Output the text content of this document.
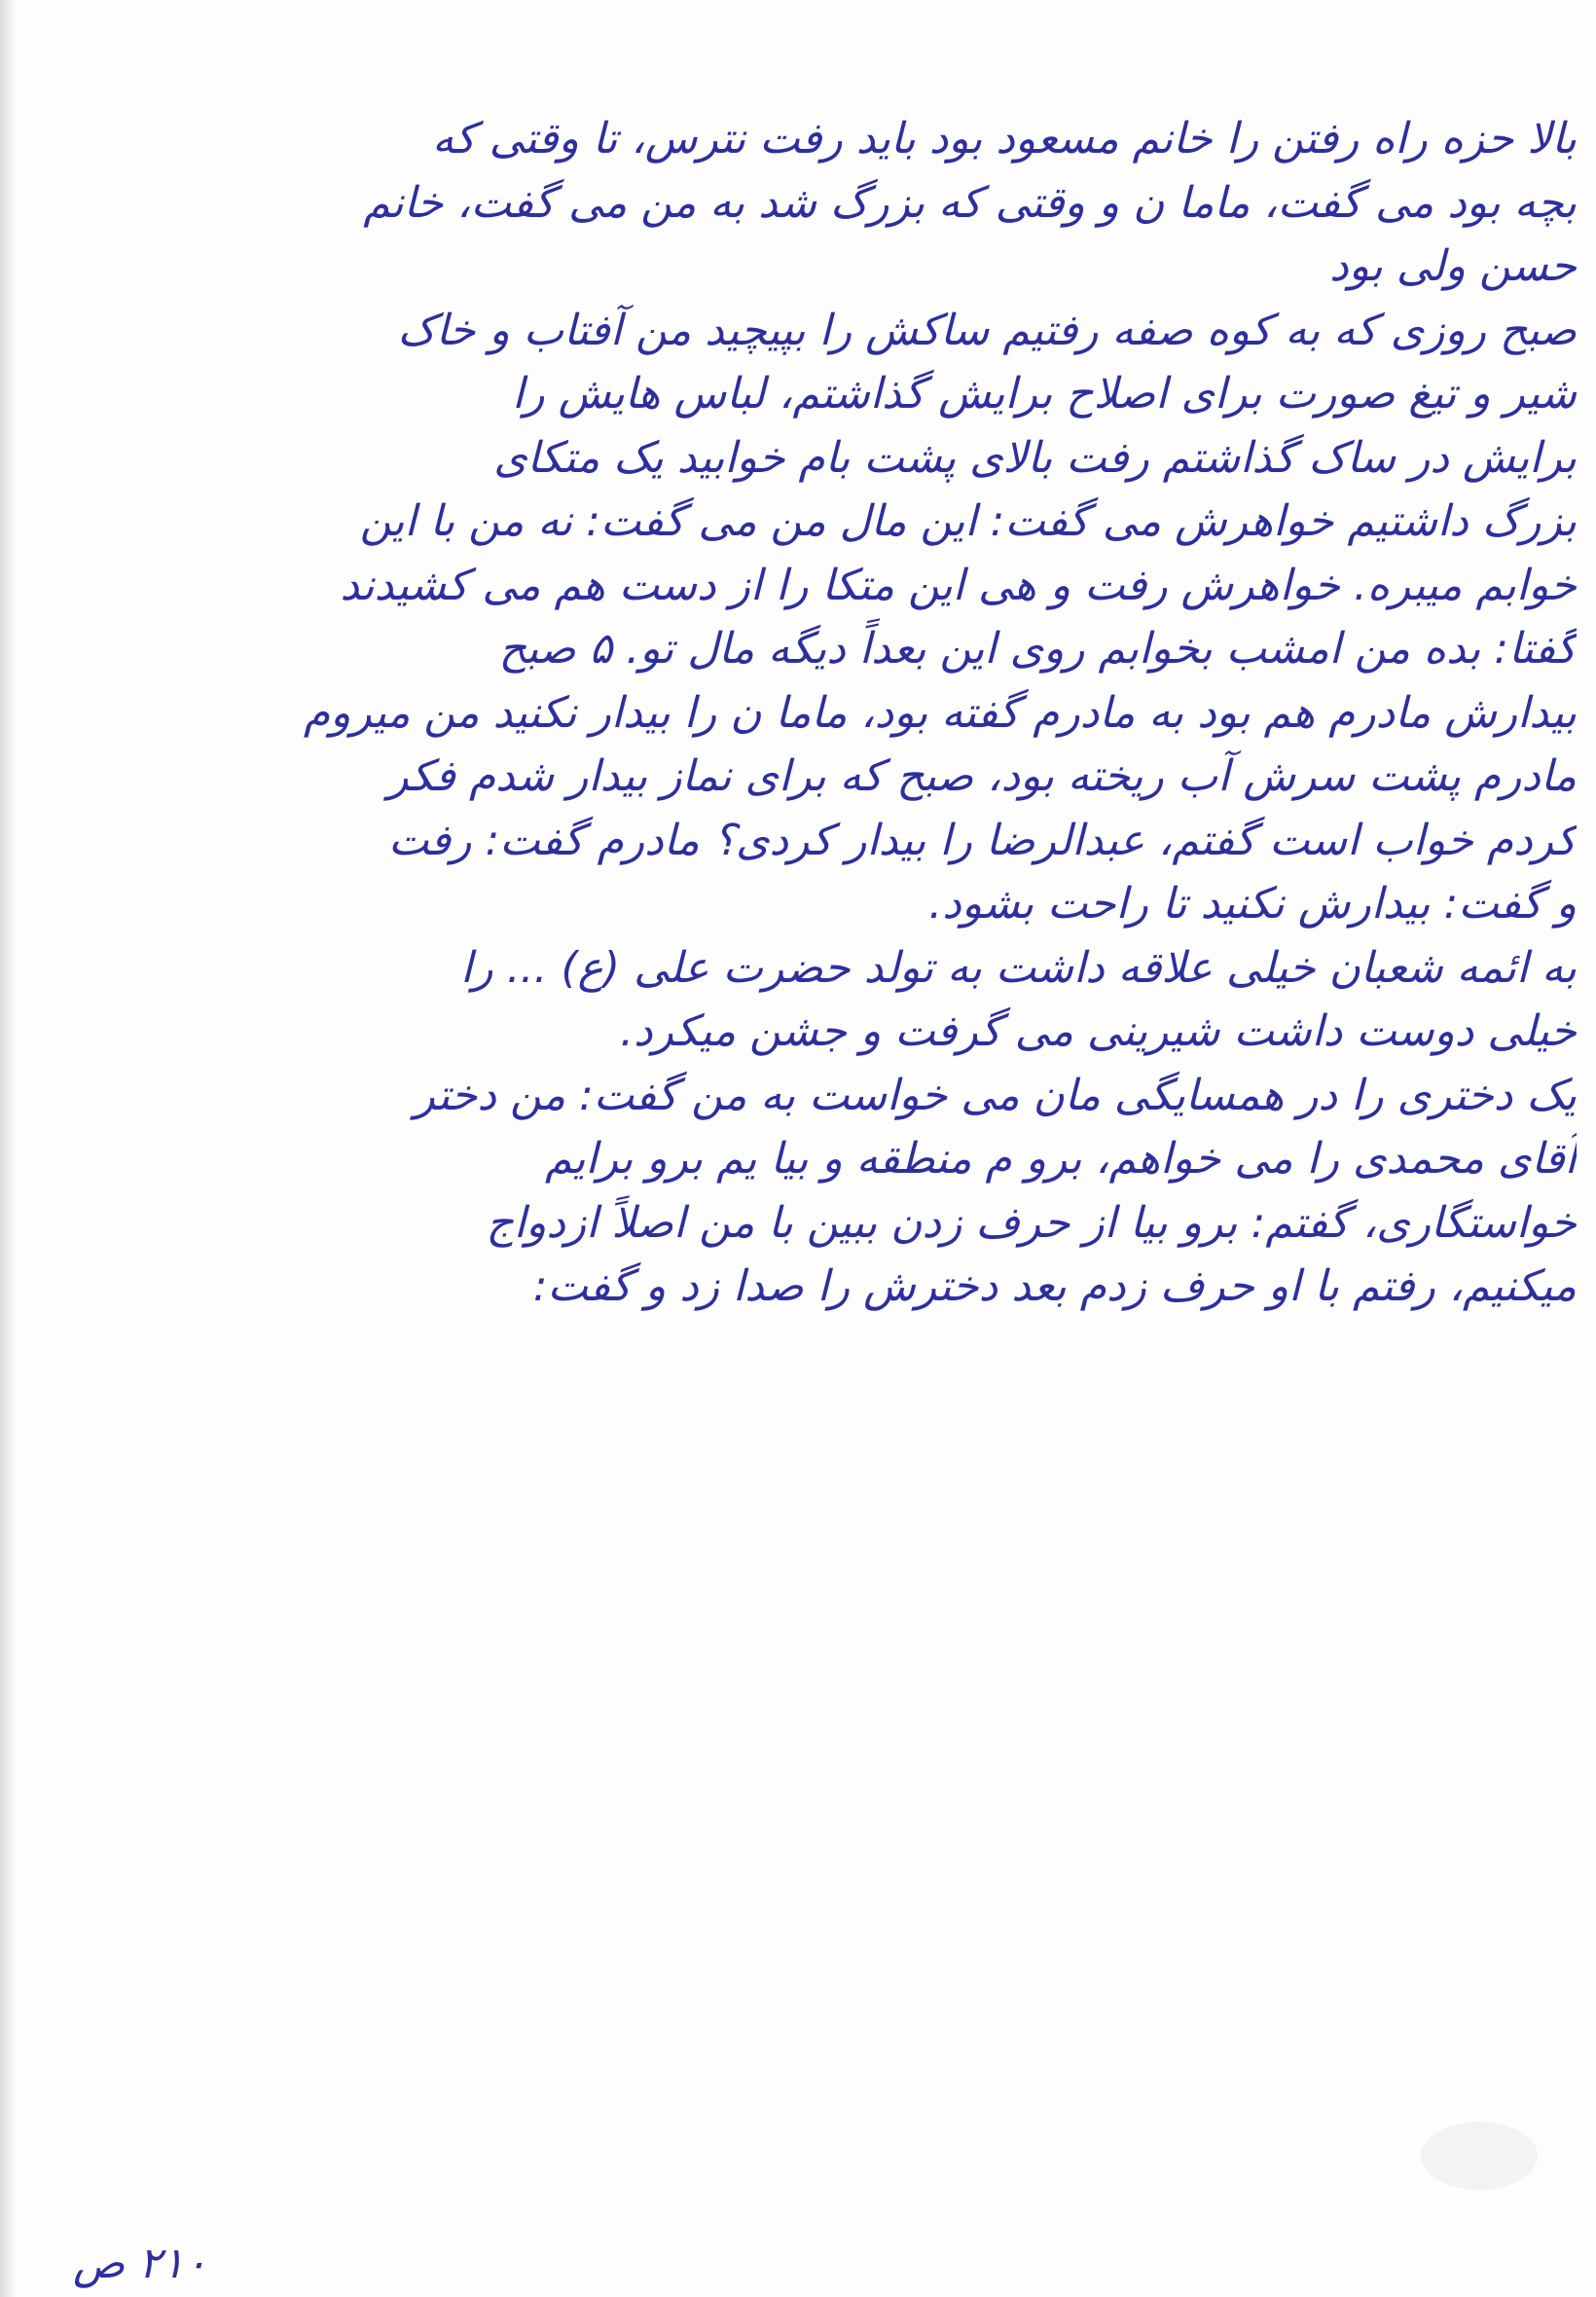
بالا حزه راه رفتن را خانم مسعود بود باید رفت نترس، تا وقتی که
بچه بود می گفت، ماما ن و وقتی که بزرگ شد به من می گفت، خانم
حسن ولی بود
صبح روزی که به کوه صفه رفتیم ساکش را بپیچید من آفتاب و خاک
شیر و تیغ صورت برای اصلاح برایش گذاشتم، لباس هایش را
برایش در ساک گذاشتم رفت بالای پشت بام خوابید یک متکای
بزرگ داشتیم خواهرش می گفت: این مال من می گفت: نه من با این
خوابم میبره. خواهرش رفت و هی این متکا را از دست هم می کشیدند
گفتا: بده من امشب بخوابم روی این بعداً دیگه مال تو. ۵ صبح
بیدارش مادرم هم بود به مادرم گفته بود، ماما ن را بیدار نکنید من میروم
مادرم پشت سرش آب ریخته بود، صبح که برای نماز بیدار شدم فکر
کردم خواب است گفتم، عبدالرضا را بیدار کردی؟ مادرم گفت: رفت
و گفت: بیدارش نکنید تا راحت بشود.
به ائمه شعبان خیلی علاقه داشت به تولد حضرت علی (ع) ... را
خیلی دوست داشت شیرینی می گرفت و جشن میکرد.
یک دختری را در همسایگی مان می خواست به من گفت: من دختر
آقای محمدی را می خواهم، برو م منطقه و بیا یم برو برایم
خواستگاری، گفتم: برو بیا از حرف زدن ببین با من اصلاً ازدواج
میکنیم، رفتم با او حرف زدم بعد دخترش را صدا زد و گفت:
۲۱۰ ص
